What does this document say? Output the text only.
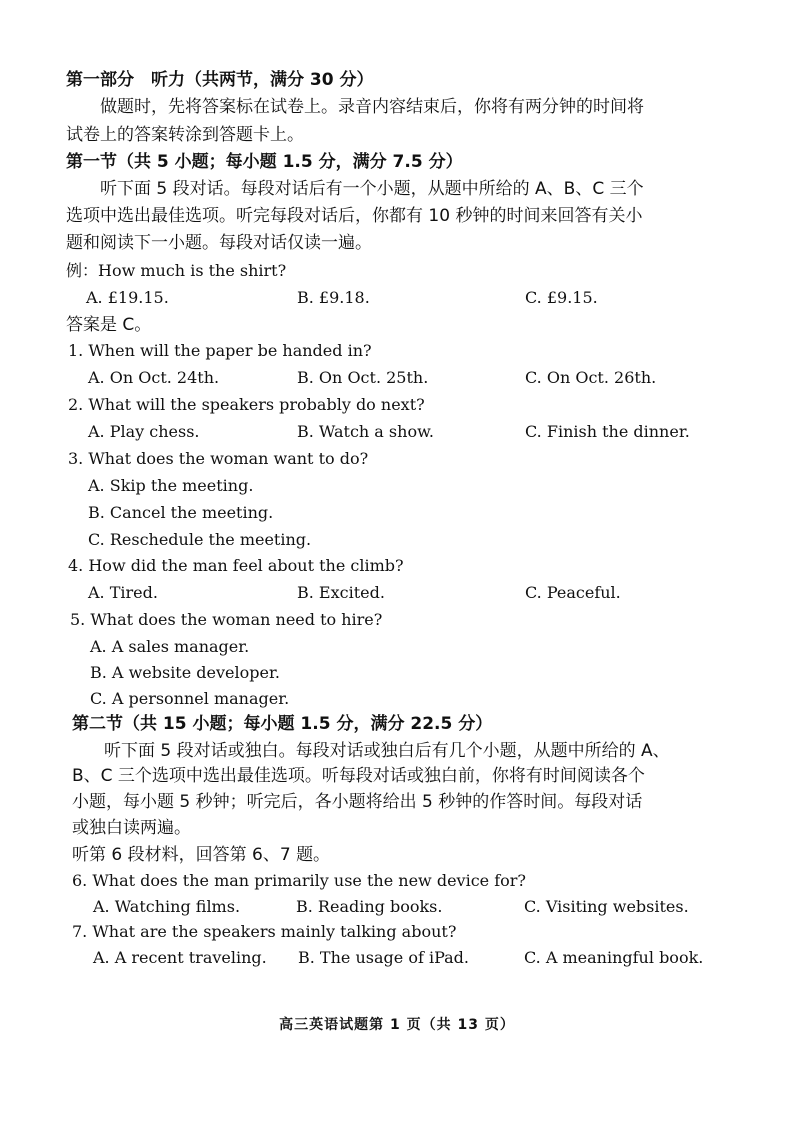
第一部分　听力（共两节，满分 30 分）
做题时，先将答案标在试卷上。录音内容结束后，你将有两分钟的时间将
试卷上的答案转涂到答题卡上。
第一节（共 5 小题；每小题 1.5 分，满分 7.5 分）
听下面 5 段对话。每段对话后有一个小题，从题中所给的 A、B、C 三个
选项中选出最佳选项。听完每段对话后，你都有 10 秒钟的时间来回答有关小
题和阅读下一小题。每段对话仅读一遍。
例：How much is the shirt?
A. £19.15.	B. £9.18.	C. £9.15.
答案是 C。
1. When will the paper be handed in?
A. On Oct. 24th.	B. On Oct. 25th.	C. On Oct. 26th.
2. What will the speakers probably do next?
A. Play chess.	B. Watch a show.	C. Finish the dinner.
3. What does the woman want to do?
A. Skip the meeting.
B. Cancel the meeting.
C. Reschedule the meeting.
4. How did the man feel about the climb?
A. Tired.	B. Excited.	C. Peaceful.
5. What does the woman need to hire?
A. A sales manager.
B. A website developer.
C. A personnel manager.
第二节（共 15 小题；每小题 1.5 分，满分 22.5 分）
听下面 5 段对话或独白。每段对话或独白后有几个小题，从题中所给的 A、
B、C 三个选项中选出最佳选项。听每段对话或独白前，你将有时间阅读各个
小题，每小题 5 秒钟；听完后，各小题将给出 5 秒钟的作答时间。每段对话
或独白读两遍。
听第 6 段材料，回答第 6、7 题。
6. What does the man primarily use the new device for?
A. Watching films.	B. Reading books.	C. Visiting websites.
7. What are the speakers mainly talking about?
A. A recent traveling. B. The usage of iPad.	C. A meaningful book.
高三英语试题第 1 页（共 13 页）
